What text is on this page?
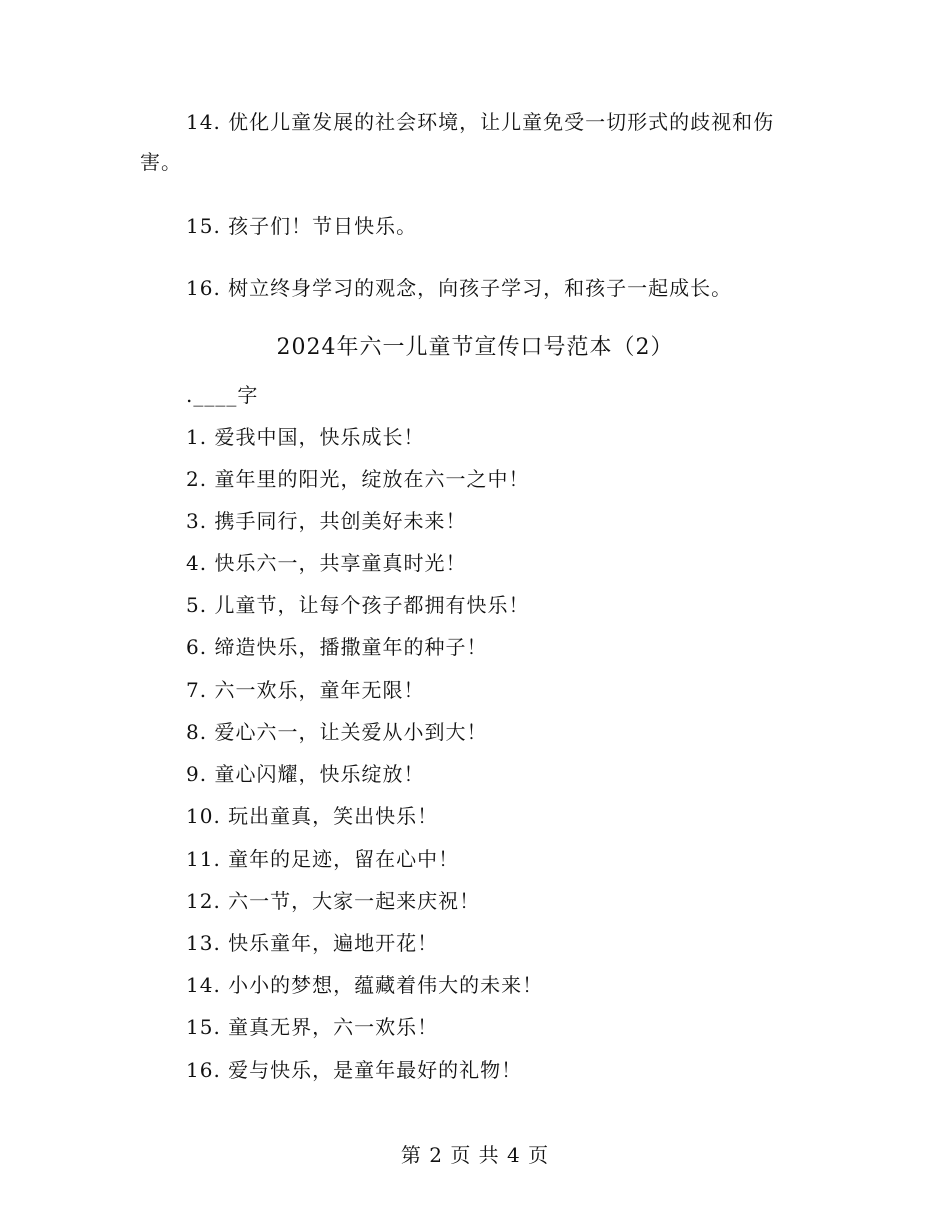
14. 优化儿童发展的社会环境，让儿童免受一切形式的歧视和伤害。

15. 孩子们！节日快乐。

16. 树立终身学习的观念，向孩子学习，和孩子一起成长。

2024年六一儿童节宣传口号范本（2）

.____字

1. 爱我中国，快乐成长！

2. 童年里的阳光，绽放在六一之中！

3. 携手同行，共创美好未来！

4. 快乐六一，共享童真时光！

5. 儿童节，让每个孩子都拥有快乐！

6. 缔造快乐，播撒童年的种子！

7. 六一欢乐，童年无限！

8. 爱心六一，让关爱从小到大！

9. 童心闪耀，快乐绽放！

10. 玩出童真，笑出快乐！

11. 童年的足迹，留在心中！

12. 六一节，大家一起来庆祝！

13. 快乐童年，遍地开花！

14. 小小的梦想，蕴藏着伟大的未来！

15. 童真无界，六一欢乐！

16. 爱与快乐，是童年最好的礼物！

第 2 页 共 4 页
